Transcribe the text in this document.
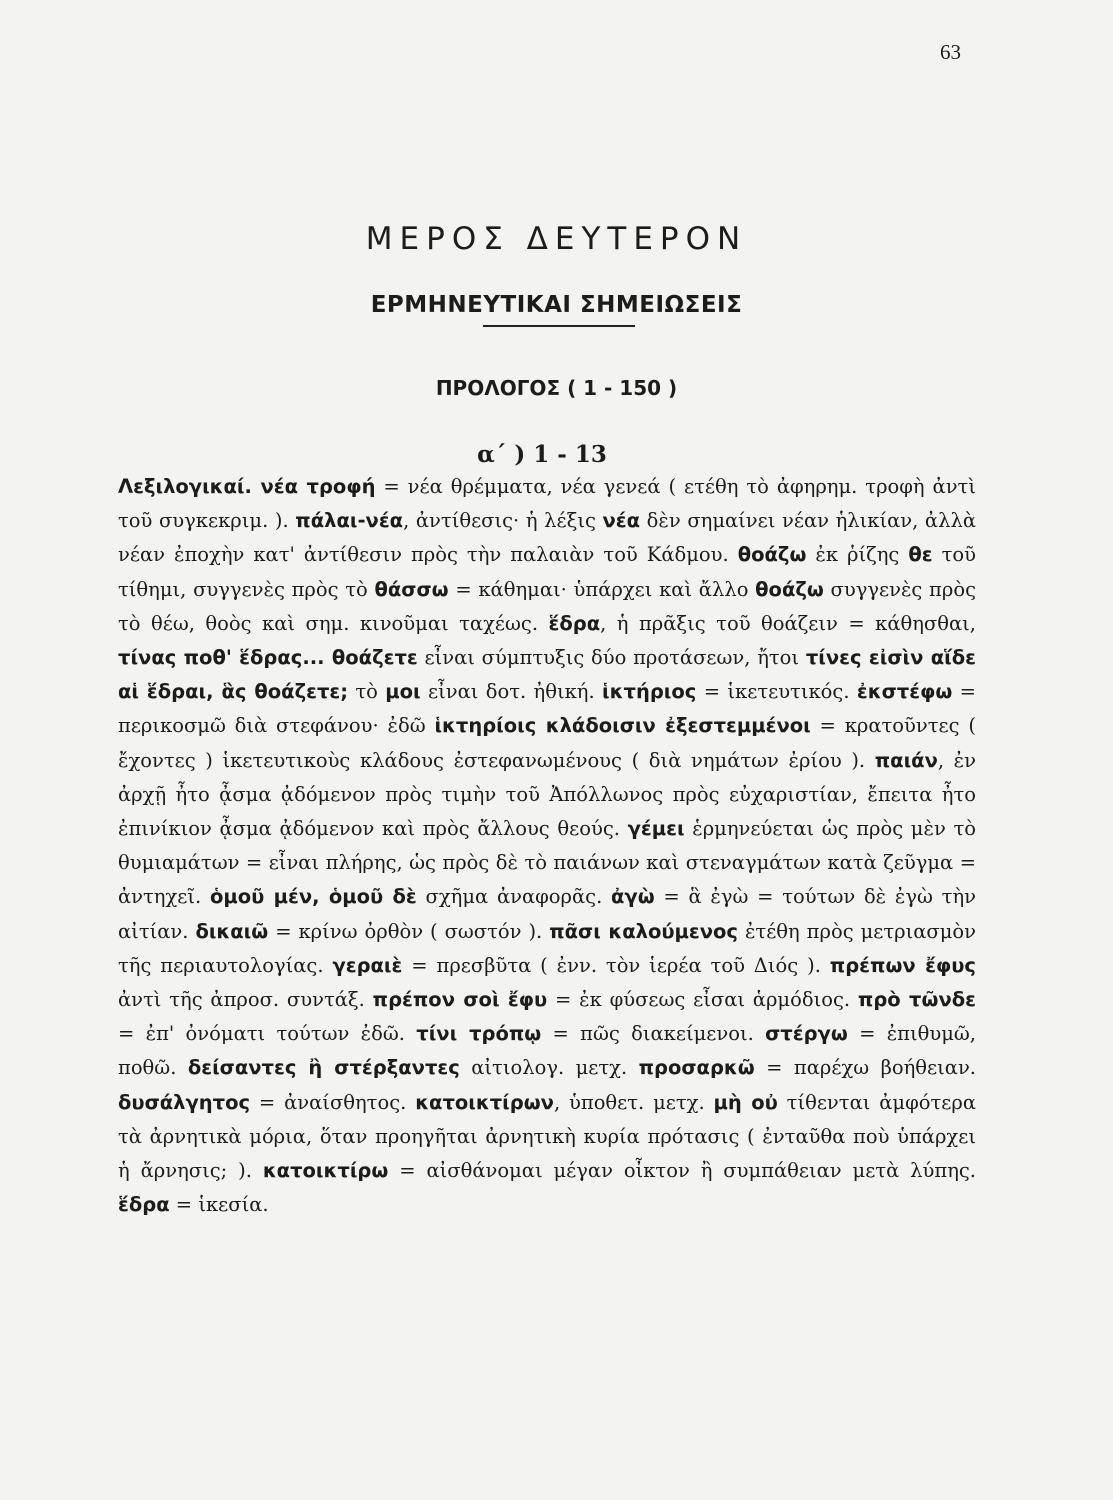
63
ΜΕΡΟΣ ΔΕΥΤΕΡΟΝ
ΕΡΜΗΝΕΥΤΙΚΑΙ ΣΗΜΕΙΩΣΕΙΣ
ΠΡΟΛΟΓΟΣ ( 1 - 150 )
α΄ ) 1 - 13

Λεξιλογικαί. νέα τροφή = νέα θρέμματα, νέα γενεά ( ετέθη τὸ ἀφηρημ. τροφὴ ἀντὶ τοῦ συγκεκριμ. ). πάλαι-νέα, ἀντίθεσις· ἡ λέξις νέα δὲν σημαίνει νέαν ἡλικίαν, ἀλλὰ νέαν ἐποχὴν κατ' ἀντίθεσιν πρὸς τὴν παλαιὰν τοῦ Κάδμου. θοάζω ἐκ ῥίζης θε τοῦ τίθημι, συγγενὲς πρὸς τὸ θάσσω = κάθημαι· ὑπάρχει καὶ ἄλλο θοάζω συγγενὲς πρὸς τὸ θέω, θοὸς καὶ σημ. κινοῦμαι ταχέως. ἕδρα, ἡ πρᾶξις τοῦ θοάζειν = κάθησθαι, τίνας ποθ' ἕδρας... θοάζετε εἶναι σύμπτυξις δύο προτάσεων, ἤτοι τίνες εἰσὶν αἵδε αἱ ἕδραι, ἃς θοάζετε; τὸ μοι εἶναι δοτ. ἠθική. ἱκτήριος = ἱκετευτικός. ἐκστέφω = περικοσμῶ διὰ στεφάνου· ἐδῶ ἱκτηρίοις κλάδοισιν ἐξεστεμμένοι = κρατοῦντες ( ἔχοντες ) ἱκετευτικοὺς κλάδους ἐστεφανωμένους ( διὰ νημάτων ἐρίου ). παιάν, ἐν ἀρχῇ ἦτο ᾆσμα ᾀδόμενον πρὸς τιμὴν τοῦ Ἀπόλλωνος πρὸς εὐχαριστίαν, ἔπειτα ἦτο ἐπινίκιον ᾆσμα ᾀδόμενον καὶ πρὸς ἄλλους θεούς. γέμει ἑρμηνεύεται ὡς πρὸς μὲν τὸ θυμιαμάτων = εἶναι πλήρης, ὡς πρὸς δὲ τὸ παιάνων καὶ στεναγμάτων κατὰ ζεῦγμα = ἀντηχεῖ. ὁμοῦ μέν, ὁμοῦ δὲ σχῆμα ἀναφορᾶς. ἀγὼ = ἃ ἐγὼ = τούτων δὲ ἐγὼ τὴν αἰτίαν. δικαιῶ = κρίνω ὀρθὸν ( σωστόν ). πᾶσι καλούμενος ἐτέθη πρὸς μετριασμὸν τῆς περιαυτολογίας. γεραιὲ = πρεσβῦτα ( ἐνν. τὸν ἱερέα τοῦ Διός ). πρέπων ἔφυς ἀντὶ τῆς ἀπροσ. συντάξ. πρέπον σοὶ ἔφυ = ἐκ φύσεως εἶσαι ἁρμόδιος. πρὸ τῶνδε = ἐπ' ὀνόματι τούτων ἐδῶ. τίνι τρόπῳ = πῶς διακείμενοι. στέργω = ἐπιθυμῶ, ποθῶ. δείσαντες ἢ στέρξαντες αἰτιολογ. μετχ. προσαρκῶ = παρέχω βοήθειαν. δυσάλγητος = ἀναίσθητος. κατοικτίρων, ὑποθετ. μετχ. μὴ οὐ τίθενται ἀμφότερα τὰ ἀρνητικὰ μόρια, ὅταν προηγῆται ἀρνητικὴ κυρία πρότασις ( ἐνταῦθα ποὺ ὑπάρχει ἡ ἄρνησις; ). κατοικτίρω = αἰσθάνομαι μέγαν οἶκτον ἢ συμπάθειαν μετὰ λύπης. ἕδρα = ἱκεσία.
